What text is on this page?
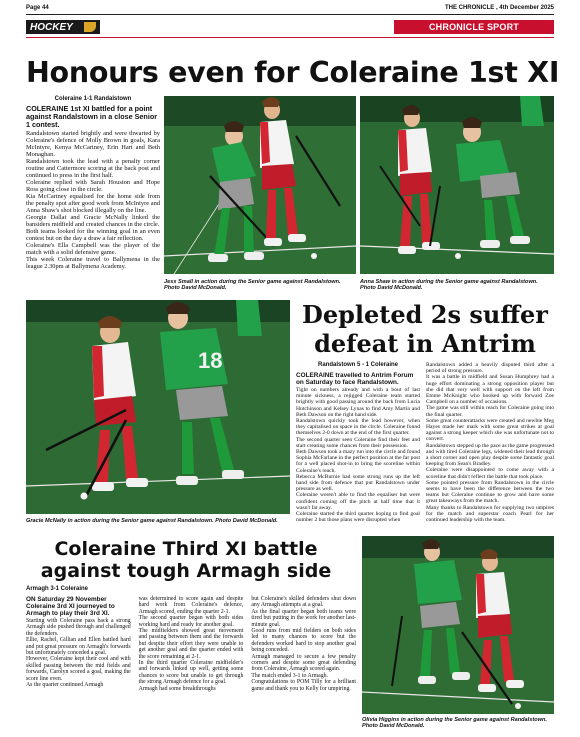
Page 44	THE CHRONICLE , 4th December 2025
HOCKEY	CHRONICLE SPORT
Honours even for Coleraine 1st XI
Coleraine 1-1 Randalstown
COLERAINE 1st XI battled for a point against Randalstown in a close Senior 1 contest.

Randalstown started brightly and were thwarted by Coleraine's defence of Molly Brown in goals, Kara McIntyre, Kenya McCartney, Erin Hart and Beth Monaghan.

Randalstown took the lead with a penalty corner routine and Cattermore scoring at the back post and continued to press in the first half.

Coleraine replied with Sarah Houston and Hope Ross going close in the circle.

Kia McCartney equalised for the home side from the penalty spot after good work from McIntyre and Anna Shaw's shot blocked illegally on the line.

Georgie Dallat and Gracie McNally linked the bansiders midfield and created chances in the circle.

Both teams looked for the winning goal in an even contest but on the day a draw a fair reflection.

Coleraine's Ella Campbell was the player of the match with a solid defensive game.

This week Coleraine travel to Ballymena in the league 2.30pm at Ballymena Academy.

Jess Small in action during the Senior game against Randalstown. Photo David McDonald.
Anna Shaw in action during the Senior game against Randalstown. Photo David McDonald.
18
Gracie McNally in action during the Senior game against Randalstown. Photo David McDonald.
Depleted 2s suffer defeat in Antrim
Randalstown 5 - 1 Coleraine
COLERAINE travelled to Antrim Forum on Saturday to face Randalstown.

Tight on numbers already and with a bout of last minute sickness, a rejigged Coleraine team started brightly with good passing around the back from Lucia Hutchinson and Kelsey Lynas to find Amy Martin and Beth Dawson on the right hand side.

Randalstown quickly took the lead however, when they capitalised on space in the circle. Coleraine found themselves 2-0 down at the end of the first quarter.

The second quarter seen Coleraine find their feet and start creating some chances from their possession.

Beth Dawson took a mazy run into the circle and found Sophia McFarlane in the perfect position at the far post for a well placed shot-in to bring the scoreline within Coleraine's reach.

Rebecca McBurnie had some strong runs up the left hand side from defence that put Randalstown under pressure as well.

Coleraine weren't able to find the equaliser but were confident coming off the pitch at half time that it wasn't far away.

Coleraine started the third quarter hoping to find goal number 2 but those plans were disrupted when

Randalstown added a heavily disputed third after a period of strong pressure.

It was a battle in midfield and Susan Humphrey had a huge effort dominating a strong opposition player but she did that very well with support on the left from Emme McKnight who hooked up with forward Zoe Campbell on a number of occasions.

The game was still within reach for Coleraine going into the final quarter.

Some great counterattacks were created and newbie Meg Hayes made her mark with some great strikes at goal against a strong keeper which she was unfortunate not to convert.

Randalstown stepped up the pace as the game progressed and with tired Coleraine legs, widened their lead through a short corner and open play despite some fantastic goal keeping from Sean's Bradley.

Coleraine were disappointed to come away with a scoreline that didn't reflect the battle that took place.

Some pointed pressure from Randalstown in the circle seems to have been the difference between the two teams but Coleraine continue to grow and have some great takeaways from the match.

Many thanks to Randalstown for supplying two umpires for the match and superstar coach Pearl for her continued leadership with the team.

Coleraine Third XI battle against tough Armagh side
Armagh 3-1 Coleraine
ON Saturday 29 November Coleraine 3rd XI journeyed to Armagh to play their 3rd XI.

Starting with Coleraine pass back a strong Armagh side pushed through and challenged the defenders.

Ellie, Rachel, Gillian and Ellen battled hard and put great pressure on Armagh's forwards but unfortunately conceded a goal.

However, Coleraine kept their cool and with skilled passing between the mid fields and forwards, Carolyn scored a goal, making the score line even.

As the quarter continued Armagh

was determined to score again and despite hard work from Coleraine's defence, Armagh scored, ending the quarter 2-1.

The second quarter began with both sides working hard and ready for another goal.

The midfielders showed great movement and passing between them and the forwards but despite their effort they were unable to get another goal and the quarter ended with the score remaining at 2-1.

In the third quarter Coleraine midfielder's and forwards linked up well, getting some chances to score but unable to get through the strong Armagh defence for a goal.

Armagh had some breakthroughs

but Coleraine's skilled defenders shut down any Armagh attempts at a goal.

As the final quarter began both teams were tired but putting in the work for another last-minute goal.

Good runs from mid fielders on both sides led to many chances to score but the defenders worked hard to stop another goal being conceded.

Armagh managed to secure a few penalty corners and despite some great defending from Coleraine, Armagh scored again.

The match ended 3-1 to Armagh.

Congratulations to POM Tilly for a brilliant game and thank you to Kelly for umpiring.

Olivia Higgins in action during the Senior game against Randalstown. Photo David McDonald.
